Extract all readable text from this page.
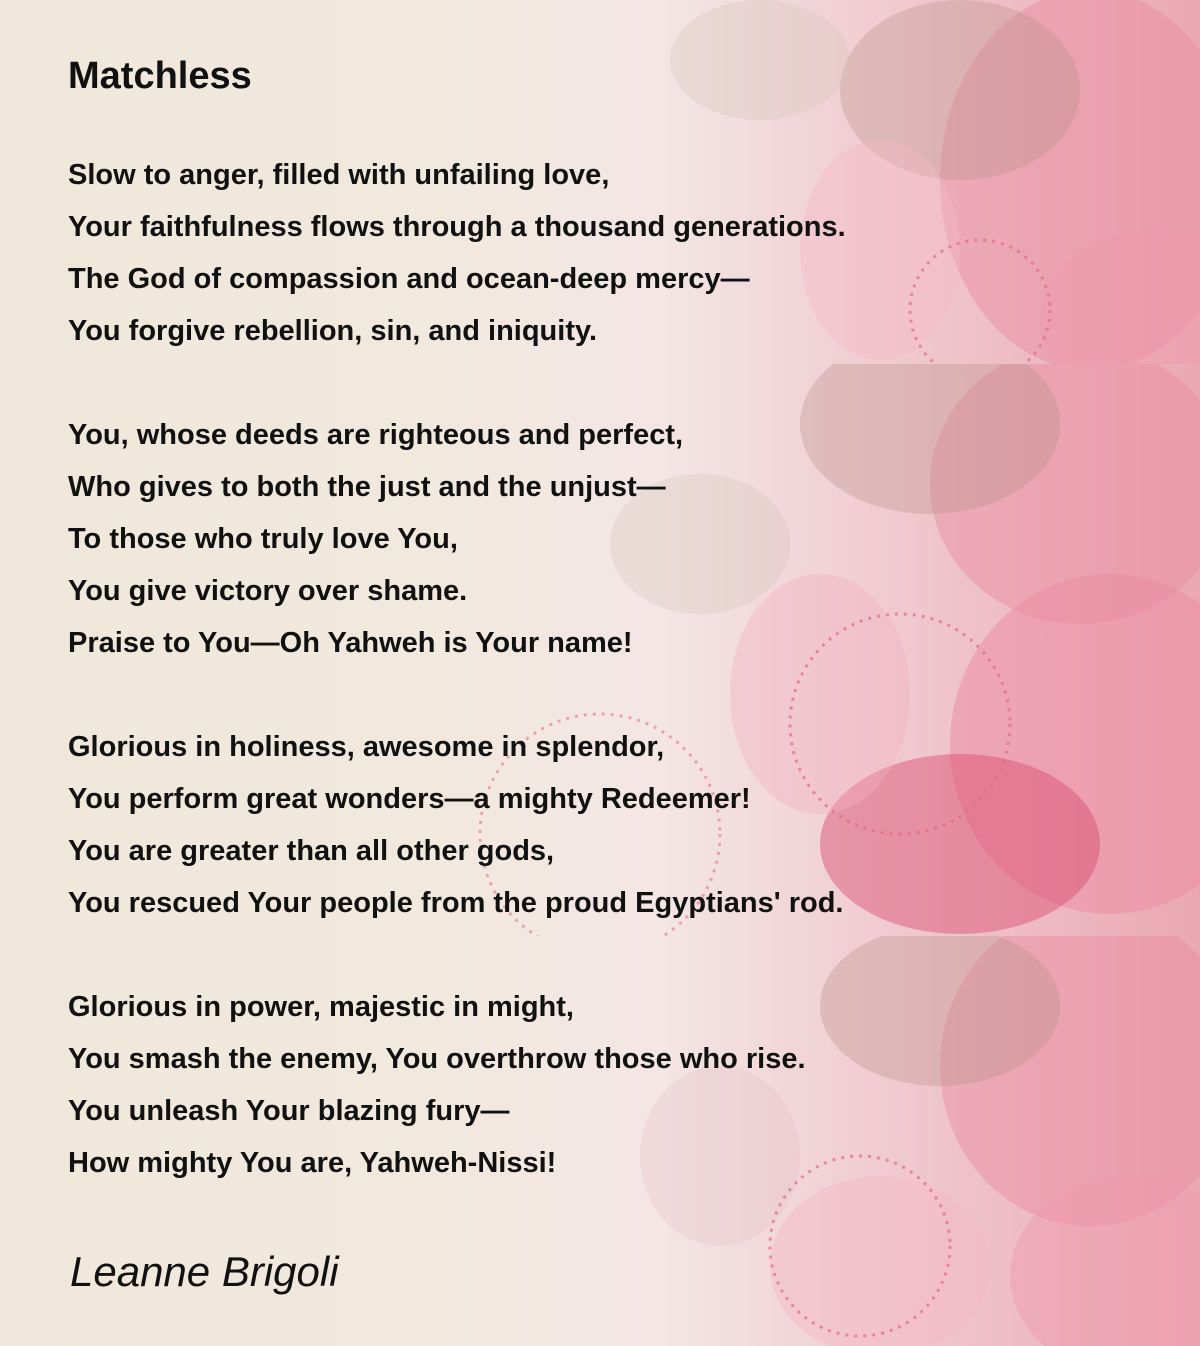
Matchless
Slow to anger, filled with unfailing love,
Your faithfulness flows through a thousand generations.
The God of compassion and ocean-deep mercy—
You forgive rebellion, sin, and iniquity.
You, whose deeds are righteous and perfect,
Who gives to both the just and the unjust—
To those who truly love You,
You give victory over shame.
Praise to You—Oh Yahweh is Your name!
Glorious in holiness, awesome in splendor,
You perform great wonders—a mighty Redeemer!
You are greater than all other gods,
You rescued Your people from the proud Egyptians' rod.
Glorious in power, majestic in might,
You smash the enemy, You overthrow those who rise.
You unleash Your blazing fury—
How mighty You are, Yahweh-Nissi!

Leanne Brigoli
